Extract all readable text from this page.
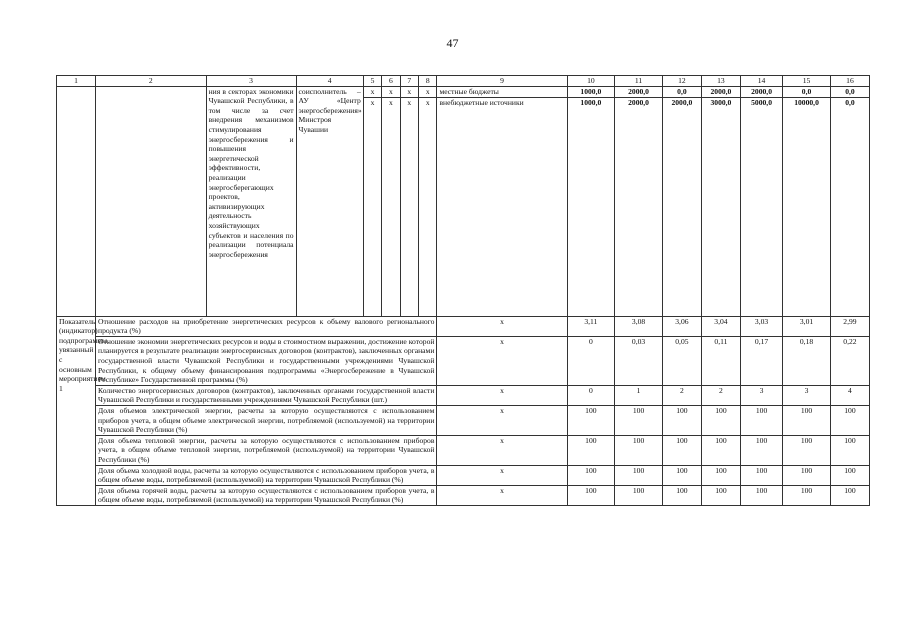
47
1	2	3	4	5	6	7	8	9	10	11	12	13	14	15	16
		ния в секторах экономики Чувашской Республики, в том числе за счет внедрения механизмов стимулирования энергосбережения и повышения энергетической эффективности, реализации энергосберегающих проектов, активизирующих деятельность хозяйствующих субъектов и населения по реализации потенциала энергосбережения	соисполнитель – АУ «Центр энергосбережения» Минстроя Чувашии	x	x	x	x	местные бюджеты	1000,0	2000,0	0,0	2000,0	2000,0	0,0	0,0
				x	x	x	x	внебюджетные источники	1000,0	2000,0	2000,0	3000,0	5000,0	10000,0	0,0
Показатель (индикатор) подпрограммы, увязанный с основным мероприятием 1	Отношение расходов на приобретение энергетических ресурсов к объему валового регионального продукта (%)							x	3,11	3,08	3,06	3,04	3,03	3,01	2,99
	Отношение экономии энергетических ресурсов и воды в стоимостном выражении, достижение которой планируется в результате реализации энергосервисных договоров (контрактов), заключенных органами государственной власти Чувашской Республики и государственными учреждениями Чувашской Республики, к общему объему финансирования подпрограммы «Энергосбережение в Чувашской Республике» Государственной программы (%)							x	0	0,03	0,05	0,11	0,17	0,18	0,22
	Количество энергосервисных договоров (контрактов), заключенных органами государственной власти Чувашской Республики и государственными учреждениями Чувашской Республики (шт.)							x	0	1	2	2	3	3	4
	Доля объемов электрической энергии, расчеты за которую осуществляются с использованием приборов учета, в общем объеме электрической энергии, потребляемой (используемой) на территории Чувашской Республики (%)							x	100	100	100	100	100	100	100
	Доля объема тепловой энергии, расчеты за которую осуществляются с использованием приборов учета, в общем объеме тепловой энергии, потребляемой (используемой) на территории Чувашской Республики (%)							x	100	100	100	100	100	100	100
	Доля объема холодной воды, расчеты за которую осуществляются с использованием приборов учета, в общем объеме воды, потребляемой (используемой) на территории Чувашской Республики (%)							x	100	100	100	100	100	100	100
	Доля объема горячей воды, расчеты за которую осуществляются с использованием приборов учета, в общем объеме воды, потребляемой (используемой) на территории Чувашской Республики (%)							x	100	100	100	100	100	100	100
